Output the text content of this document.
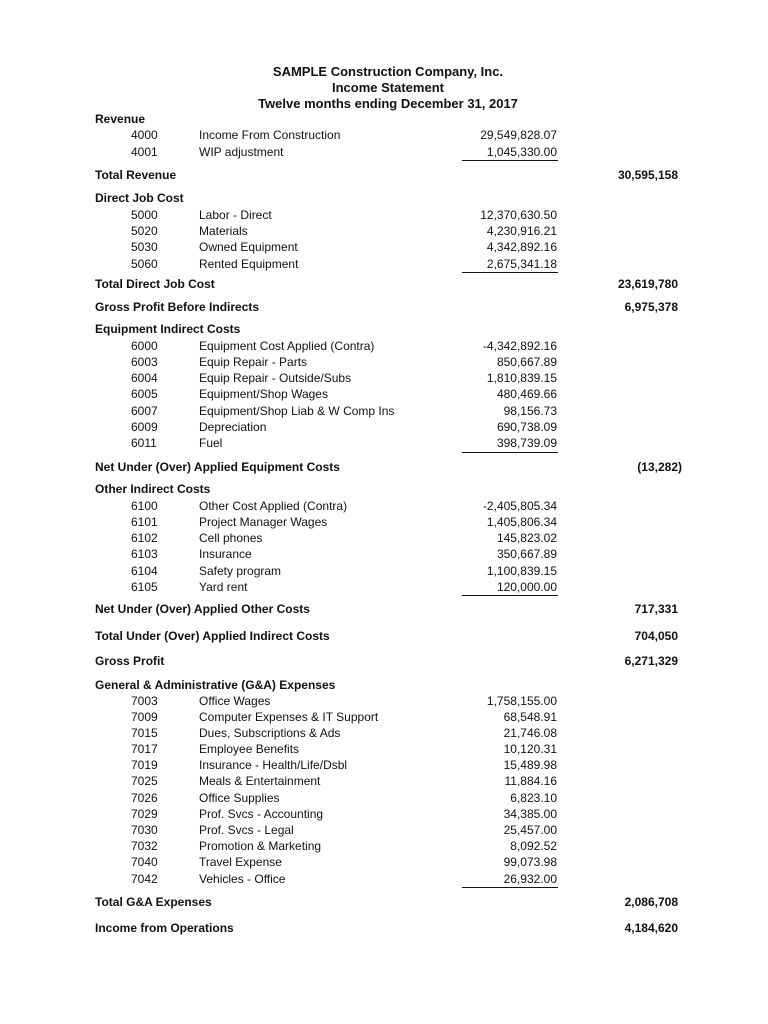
SAMPLE Construction Company, Inc.
Income Statement
Twelve months ending December 31, 2017
Revenue
4000	Income From Construction	29,549,828.07
4001	WIP adjustment	1,045,330.00
Total Revenue	30,595,158
Direct Job Cost
5000	Labor - Direct	12,370,630.50
5020	Materials	4,230,916.21
5030	Owned Equipment	4,342,892.16
5060	Rented Equipment	2,675,341.18
Total Direct Job Cost	23,619,780
Gross Profit Before Indirects	6,975,378
Equipment Indirect Costs
6000	Equipment Cost Applied (Contra)	-4,342,892.16
6003	Equip Repair - Parts	850,667.89
6004	Equip Repair - Outside/Subs	1,810,839.15
6005	Equipment/Shop Wages	480,469.66
6007	Equipment/Shop Liab & W Comp Ins	98,156.73
6009	Depreciation	690,738.09
6011	Fuel	398,739.09
Net Under (Over) Applied Equipment Costs	(13,282)
Other Indirect Costs
6100	Other Cost Applied (Contra)	-2,405,805.34
6101	Project Manager Wages	1,405,806.34
6102	Cell phones	145,823.02
6103	Insurance	350,667.89
6104	Safety program	1,100,839.15
6105	Yard rent	120,000.00
Net Under (Over) Applied Other Costs	717,331
Total Under (Over) Applied Indirect Costs	704,050
Gross Profit	6,271,329
General & Administrative (G&A) Expenses
7003	Office Wages	1,758,155.00
7009	Computer Expenses & IT Support	68,548.91
7015	Dues, Subscriptions & Ads	21,746.08
7017	Employee Benefits	10,120.31
7019	Insurance - Health/Life/Dsbl	15,489.98
7025	Meals & Entertainment	11,884.16
7026	Office Supplies	6,823.10
7029	Prof. Svcs - Accounting	34,385.00
7030	Prof. Svcs - Legal	25,457.00
7032	Promotion & Marketing	8,092.52
7040	Travel Expense	99,073.98
7042	Vehicles - Office	26,932.00
Total G&A Expenses	2,086,708
Income from Operations	4,184,620
